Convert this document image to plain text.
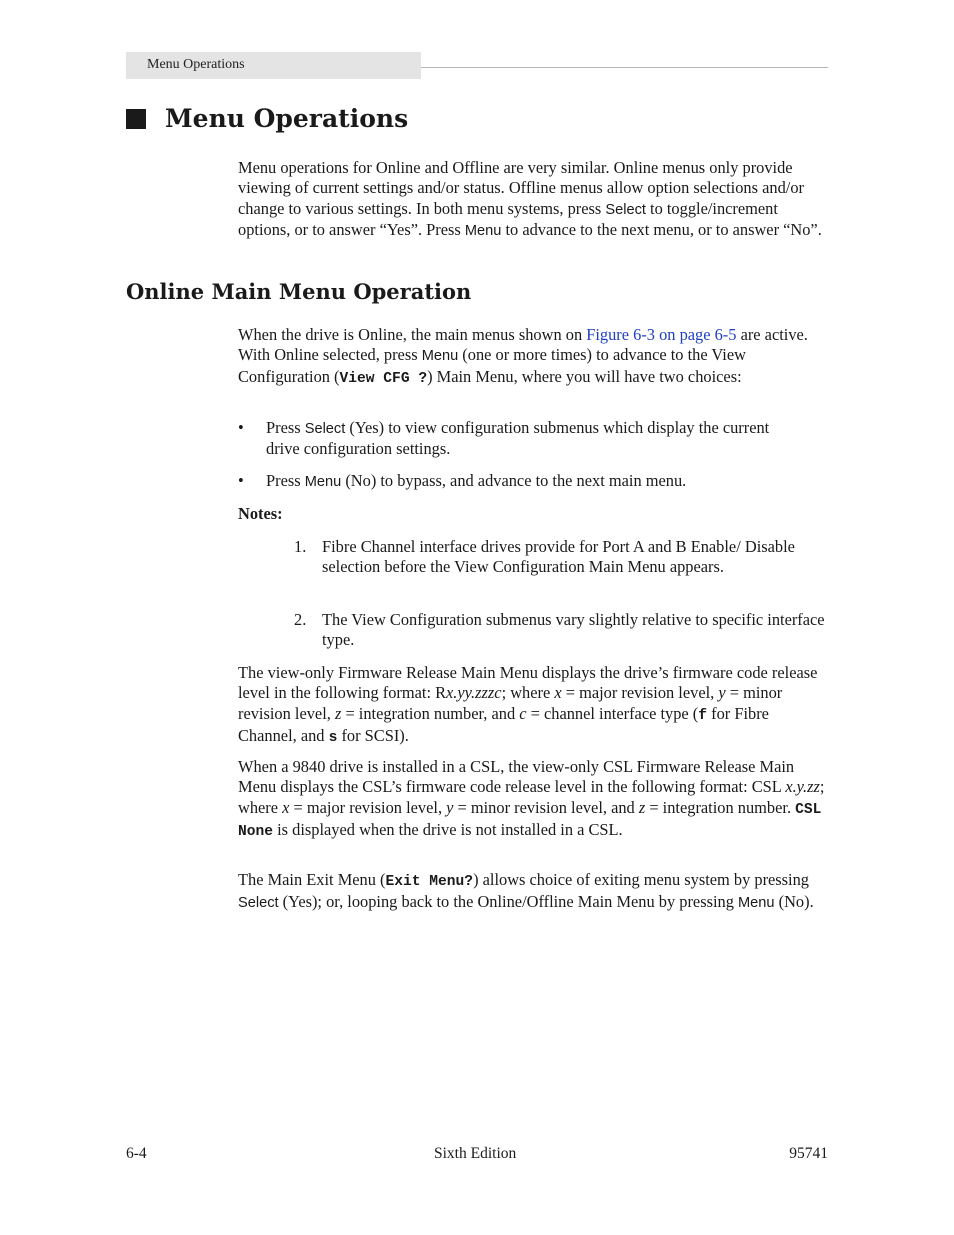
Menu Operations
Menu Operations

Menu operations for Online and Offline are very similar. Online menus only provide viewing of current settings and/or status. Offline menus allow option selections and/or change to various settings. In both menu systems, press Select to toggle/increment options, or to answer “Yes”. Press Menu to advance to the next menu, or to answer “No”.

Online Main Menu Operation

When the drive is Online, the main menus shown on Figure 6-3 on page 6-5 are active. With Online selected, press Menu (one or more times) to advance to the View Configuration (View CFG ?) Main Menu, where you will have two choices:

• Press Select (Yes) to view configuration submenus which display the current drive configuration settings.
• Press Menu (No) to bypass, and advance to the next main menu.
Notes:
1. Fibre Channel interface drives provide for Port A and B Enable/ Disable selection before the View Configuration Main Menu appears.
2. The View Configuration submenus vary slightly relative to specific interface type.

The view-only Firmware Release Main Menu displays the drive’s firmware code release level in the following format: Rx.yy.zzzc; where x = major revision level, y = minor revision level, z = integration number, and c = channel interface type (f for Fibre Channel, and s for SCSI).

When a 9840 drive is installed in a CSL, the view-only CSL Firmware Release Main Menu displays the CSL’s firmware code release level in the following format: CSL x.y.zz; where x = major revision level, y = minor revision level, and z = integration number. CSL None is displayed when the drive is not installed in a CSL.

The Main Exit Menu (Exit Menu?) allows choice of exiting menu system by pressing Select (Yes); or, looping back to the Online/Offline Main Menu by pressing Menu (No).

6-4	Sixth Edition	95741
